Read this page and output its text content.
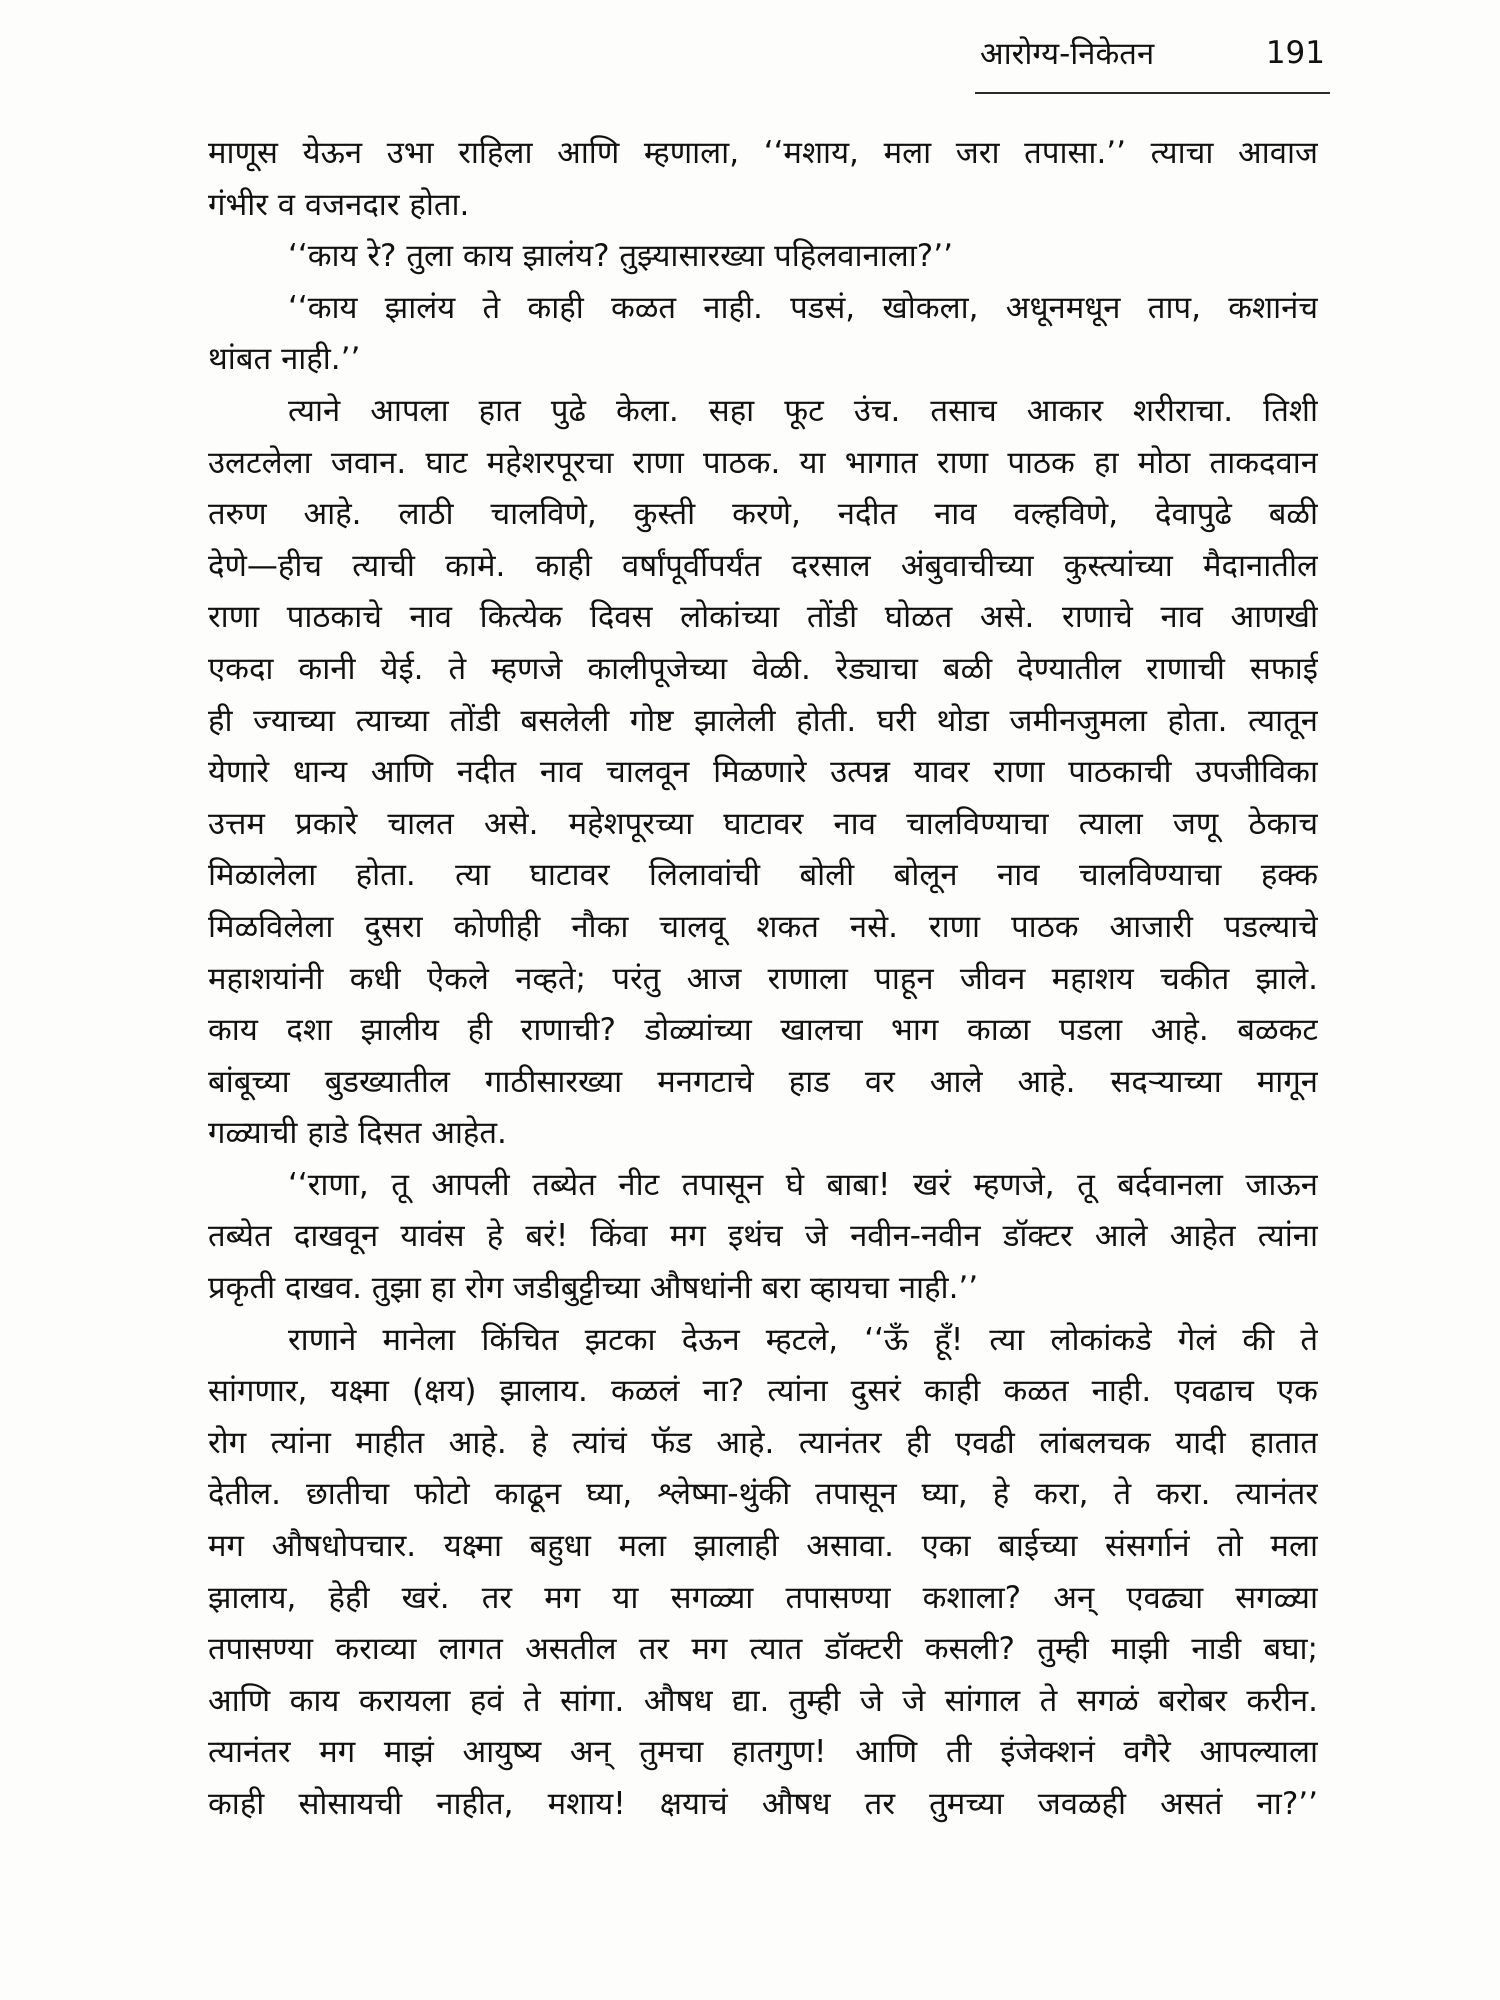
आरोग्य-निकेतन	191
माणूस येऊन उभा राहिला आणि म्हणाला, ‘‘मशाय, मला जरा तपासा.’’ त्याचा आवाज
गंभीर व वजनदार होता.
‘‘काय रे? तुला काय झालंय? तुझ्यासारख्या पहिलवानाला?’’
‘‘काय झालंय ते काही कळत नाही. पडसं, खोकला, अधूनमधून ताप, कशानंच
थांबत नाही.’’
त्याने आपला हात पुढे केला. सहा फूट उंच. तसाच आकार शरीराचा. तिशी
उलटलेला जवान. घाट महेशरपूरचा राणा पाठक. या भागात राणा पाठक हा मोठा ताकदवान
तरुण आहे. लाठी चालविणे, कुस्ती करणे, नदीत नाव वल्हविणे, देवापुढे बळी
देणे—हीच त्याची कामे. काही वर्षांपूर्वीपर्यंत दरसाल अंबुवाचीच्या कुस्त्यांच्या मैदानातील
राणा पाठकाचे नाव कित्येक दिवस लोकांच्या तोंडी घोळत असे. राणाचे नाव आणखी
एकदा कानी येई. ते म्हणजे कालीपूजेच्या वेळी. रेड्याचा बळी देण्यातील राणाची सफाई
ही ज्याच्या त्याच्या तोंडी बसलेली गोष्ट झालेली होती. घरी थोडा जमीनजुमला होता. त्यातून
येणारे धान्य आणि नदीत नाव चालवून मिळणारे उत्पन्न यावर राणा पाठकाची उपजीविका
उत्तम प्रकारे चालत असे. महेशपूरच्या घाटावर नाव चालविण्याचा त्याला जणू ठेकाच
मिळालेला होता. त्या घाटावर लिलावांची बोली बोलून नाव चालविण्याचा हक्क
मिळविलेला दुसरा कोणीही नौका चालवू शकत नसे. राणा पाठक आजारी पडल्याचे
महाशयांनी कधी ऐकले नव्हते; परंतु आज राणाला पाहून जीवन महाशय चकीत झाले.
काय दशा झालीय ही राणाची? डोळ्यांच्या खालचा भाग काळा पडला आहे. बळकट
बांबूच्या बुडख्यातील गाठीसारख्या मनगटाचे हाड वर आले आहे. सदऱ्याच्या मागून
गळ्याची हाडे दिसत आहेत.
‘‘राणा, तू आपली तब्येत नीट तपासून घे बाबा! खरं म्हणजे, तू बर्दवानला जाऊन
तब्येत दाखवून यावंस हे बरं! किंवा मग इथंच जे नवीन-नवीन डॉक्टर आले आहेत त्यांना
प्रकृती दाखव. तुझा हा रोग जडीबुट्टीच्या औषधांनी बरा व्हायचा नाही.’’
राणाने मानेला किंचित झटका देऊन म्हटले, ‘‘ऊँ हूँ! त्या लोकांकडे गेलं की ते
सांगणार, यक्ष्मा (क्षय) झालाय. कळलं ना? त्यांना दुसरं काही कळत नाही. एवढाच एक
रोग त्यांना माहीत आहे. हे त्यांचं फॅड आहे. त्यानंतर ही एवढी लांबलचक यादी हातात
देतील. छातीचा फोटो काढून घ्या, श्लेष्मा-थुंकी तपासून घ्या, हे करा, ते करा. त्यानंतर
मग औषधोपचार. यक्ष्मा बहुधा मला झालाही असावा. एका बाईच्या संसर्गानं तो मला
झालाय, हेही खरं. तर मग या सगळ्या तपासण्या कशाला? अन् एवढ्या सगळ्या
तपासण्या कराव्या लागत असतील तर मग त्यात डॉक्टरी कसली? तुम्ही माझी नाडी बघा;
आणि काय करायला हवं ते सांगा. औषध द्या. तुम्ही जे जे सांगाल ते सगळं बरोबर करीन.
त्यानंतर मग माझं आयुष्य अन् तुमचा हातगुण! आणि ती इंजेक्शनं वगैरे आपल्याला
काही सोसायची नाहीत, मशाय! क्षयाचं औषध तर तुमच्या जवळही असतं ना?’’
